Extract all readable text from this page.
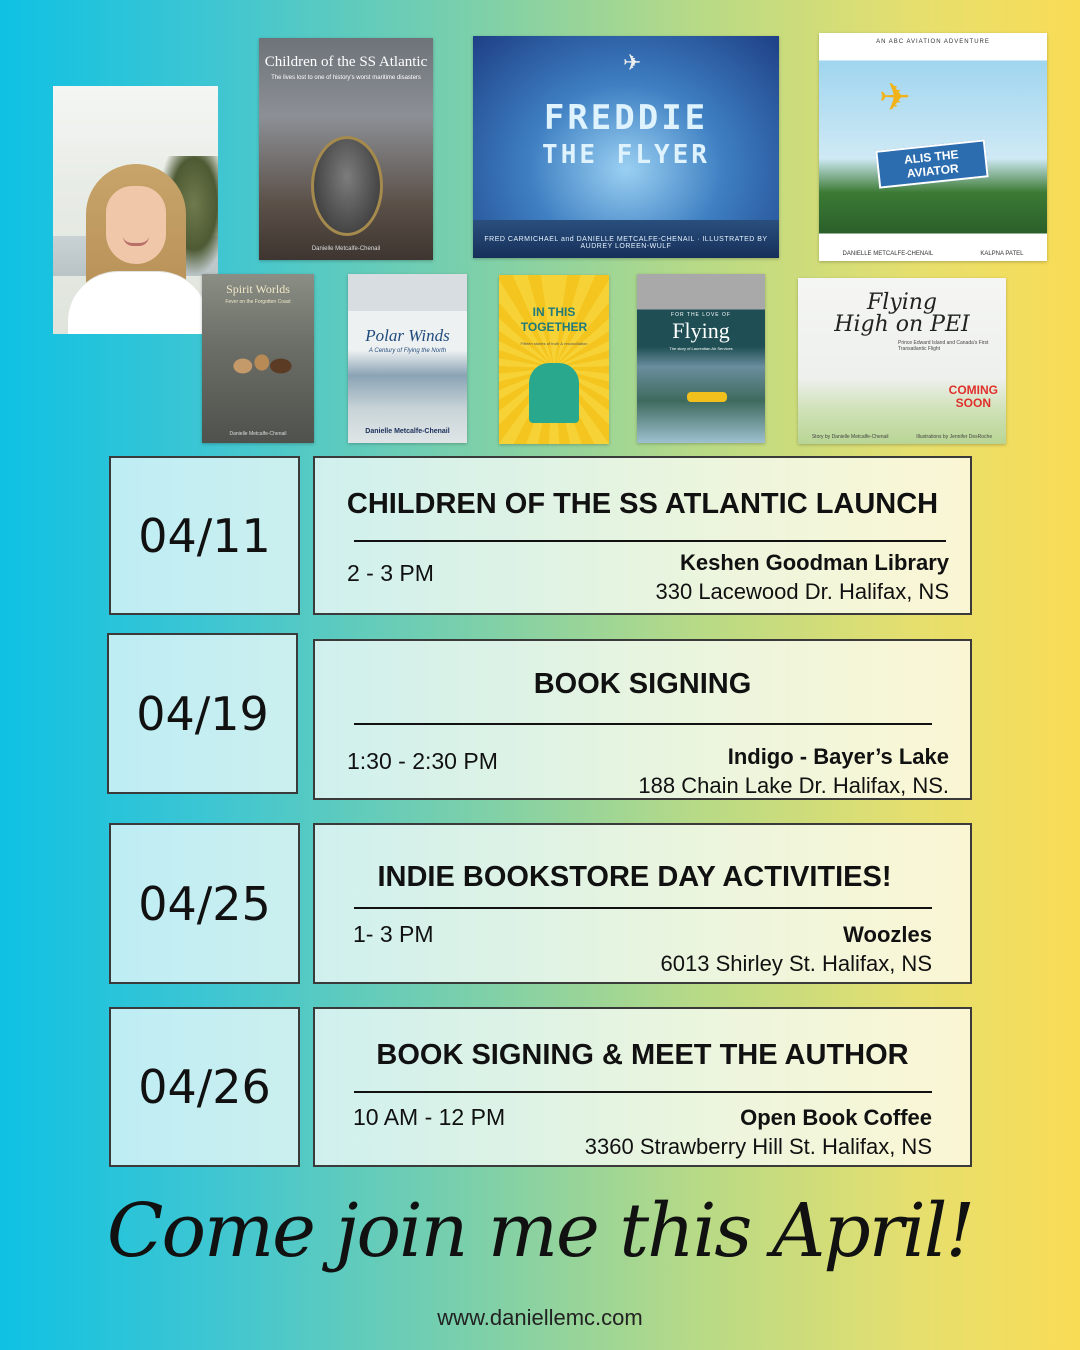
Children of the SS Atlantic
The lives lost to one of history's worst maritime disasters
Danielle Metcalfe-Chenail
✈
FREDDIE
THE FLYER
FRED CARMICHAEL and DANIELLE METCALFE-CHENAIL · ILLUSTRATED BY AUDREY LOREEN-WULF
AN ABC AVIATION ADVENTURE
✈
ALIS THE AVIATOR
DANIELLE METCALFE-CHENAIL	KALPNA PATEL
Spirit Worlds
Fever on the Forgotten Coast
Danielle Metcalfe-Chenail
Polar Winds
A Century of Flying the North
Danielle Metcalfe-Chenail
IN THIS
TOGETHER
Fifteen stories of truth & reconciliation
FOR THE LOVE OF
Flying
The story of Laurentian Air Services
Flying
High on PEI
Prince Edward Island and Canada's First Transatlantic Flight
COMING
SOON
Story by Danielle Metcalfe-Chenail	Illustrations by Jennifer DesRoche
04/11
CHILDREN OF THE SS ATLANTIC LAUNCH
2 - 3 PM	Keshen Goodman Library
330 Lacewood Dr. Halifax, NS
04/19
BOOK SIGNING
1:30 - 2:30 PM	Indigo - Bayer’s Lake
188 Chain Lake Dr. Halifax, NS.
04/25	INDIE BOOKSTORE DAY ACTIVITIES!
1- 3 PM	Woozles
6013 Shirley St. Halifax, NS
04/26
BOOK SIGNING & MEET THE AUTHOR
10 AM - 12 PM	Open Book Coffee
3360 Strawberry Hill St. Halifax, NS
Come join me this April!
www.daniellemc.com
